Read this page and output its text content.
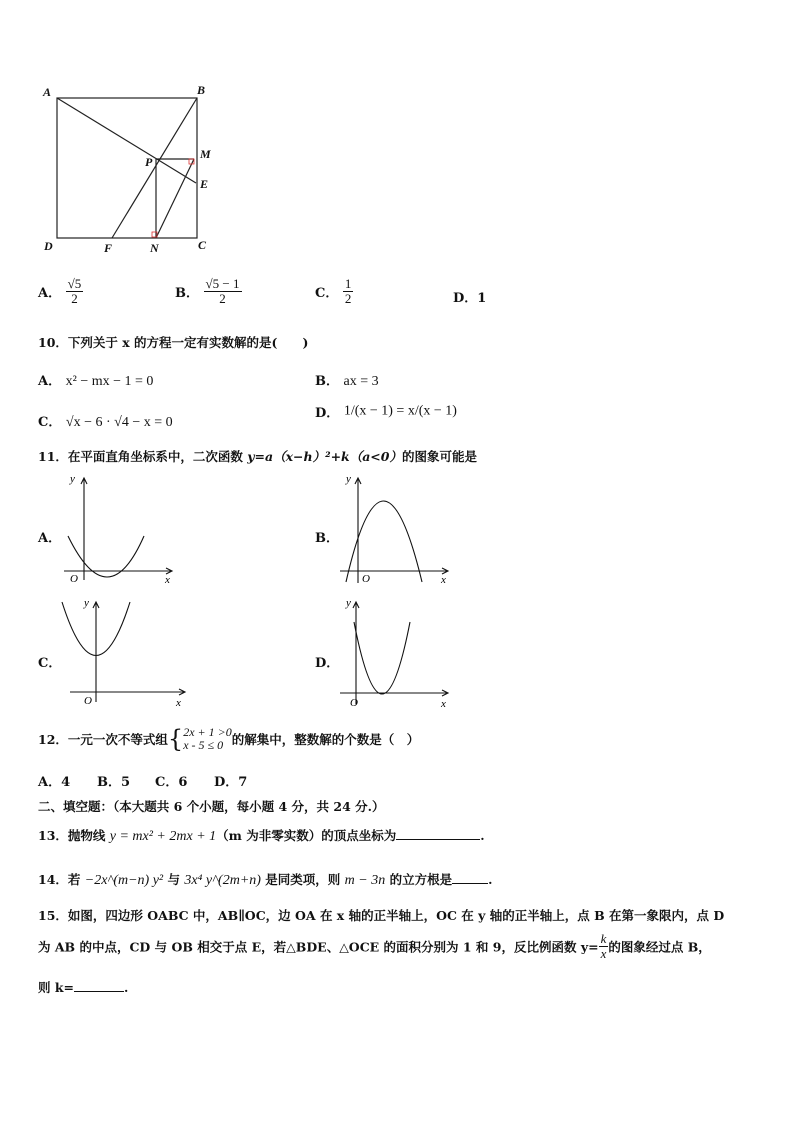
A	B
C
D
P
M
E
F	N
A． $\frac{√5}{2}$	B． $\frac{√5 - 1}{2}$	C． $\frac{1}{2}$	D．1
10．下列关于 x 的方程一定有实数解的是(　　)
A． x² − mx − 1 = 0	B． ax = 3
C． √x − 6 · √4 − x = 0
D． 1/(x − 1) = x/(x − 1)
11．在平面直角坐标系中，二次函数 y=a（x−h）²+k（a<0）的图象可能是
A．	B．
C．	D．
y
x
O
y
x
O
y
x
O
y
x
O
12．一元一次不等式组{ 2x + 1 >0
x - 5 ≤ 0 的解集中，整数解的个数是（　）
A．4 B．5 C．6 D．7
二、填空题：（本大题共 6 个小题，每小题 4 分，共 24 分.）
13．抛物线 y = mx² + 2mx + 1（m 为非零实数）的顶点坐标为	.
14．若 −2x^(m−n) y² 与 3x⁴ y^(2m+n) 是同类项，则 m − 3n 的立方根是	.
15．如图，四边形 OABC 中，AB∥OC，边 OA 在 x 轴的正半轴上，OC 在 y 轴的正半轴上，点 B 在第一象限内，点 D
为 AB 的中点，CD 与 OB 相交于点 E，若△BDE、△OCE 的面积分别为 1 和 9，反比例函数 $y= \frac{k}{x}$ 的图象经过点 B，
则 k=	.
